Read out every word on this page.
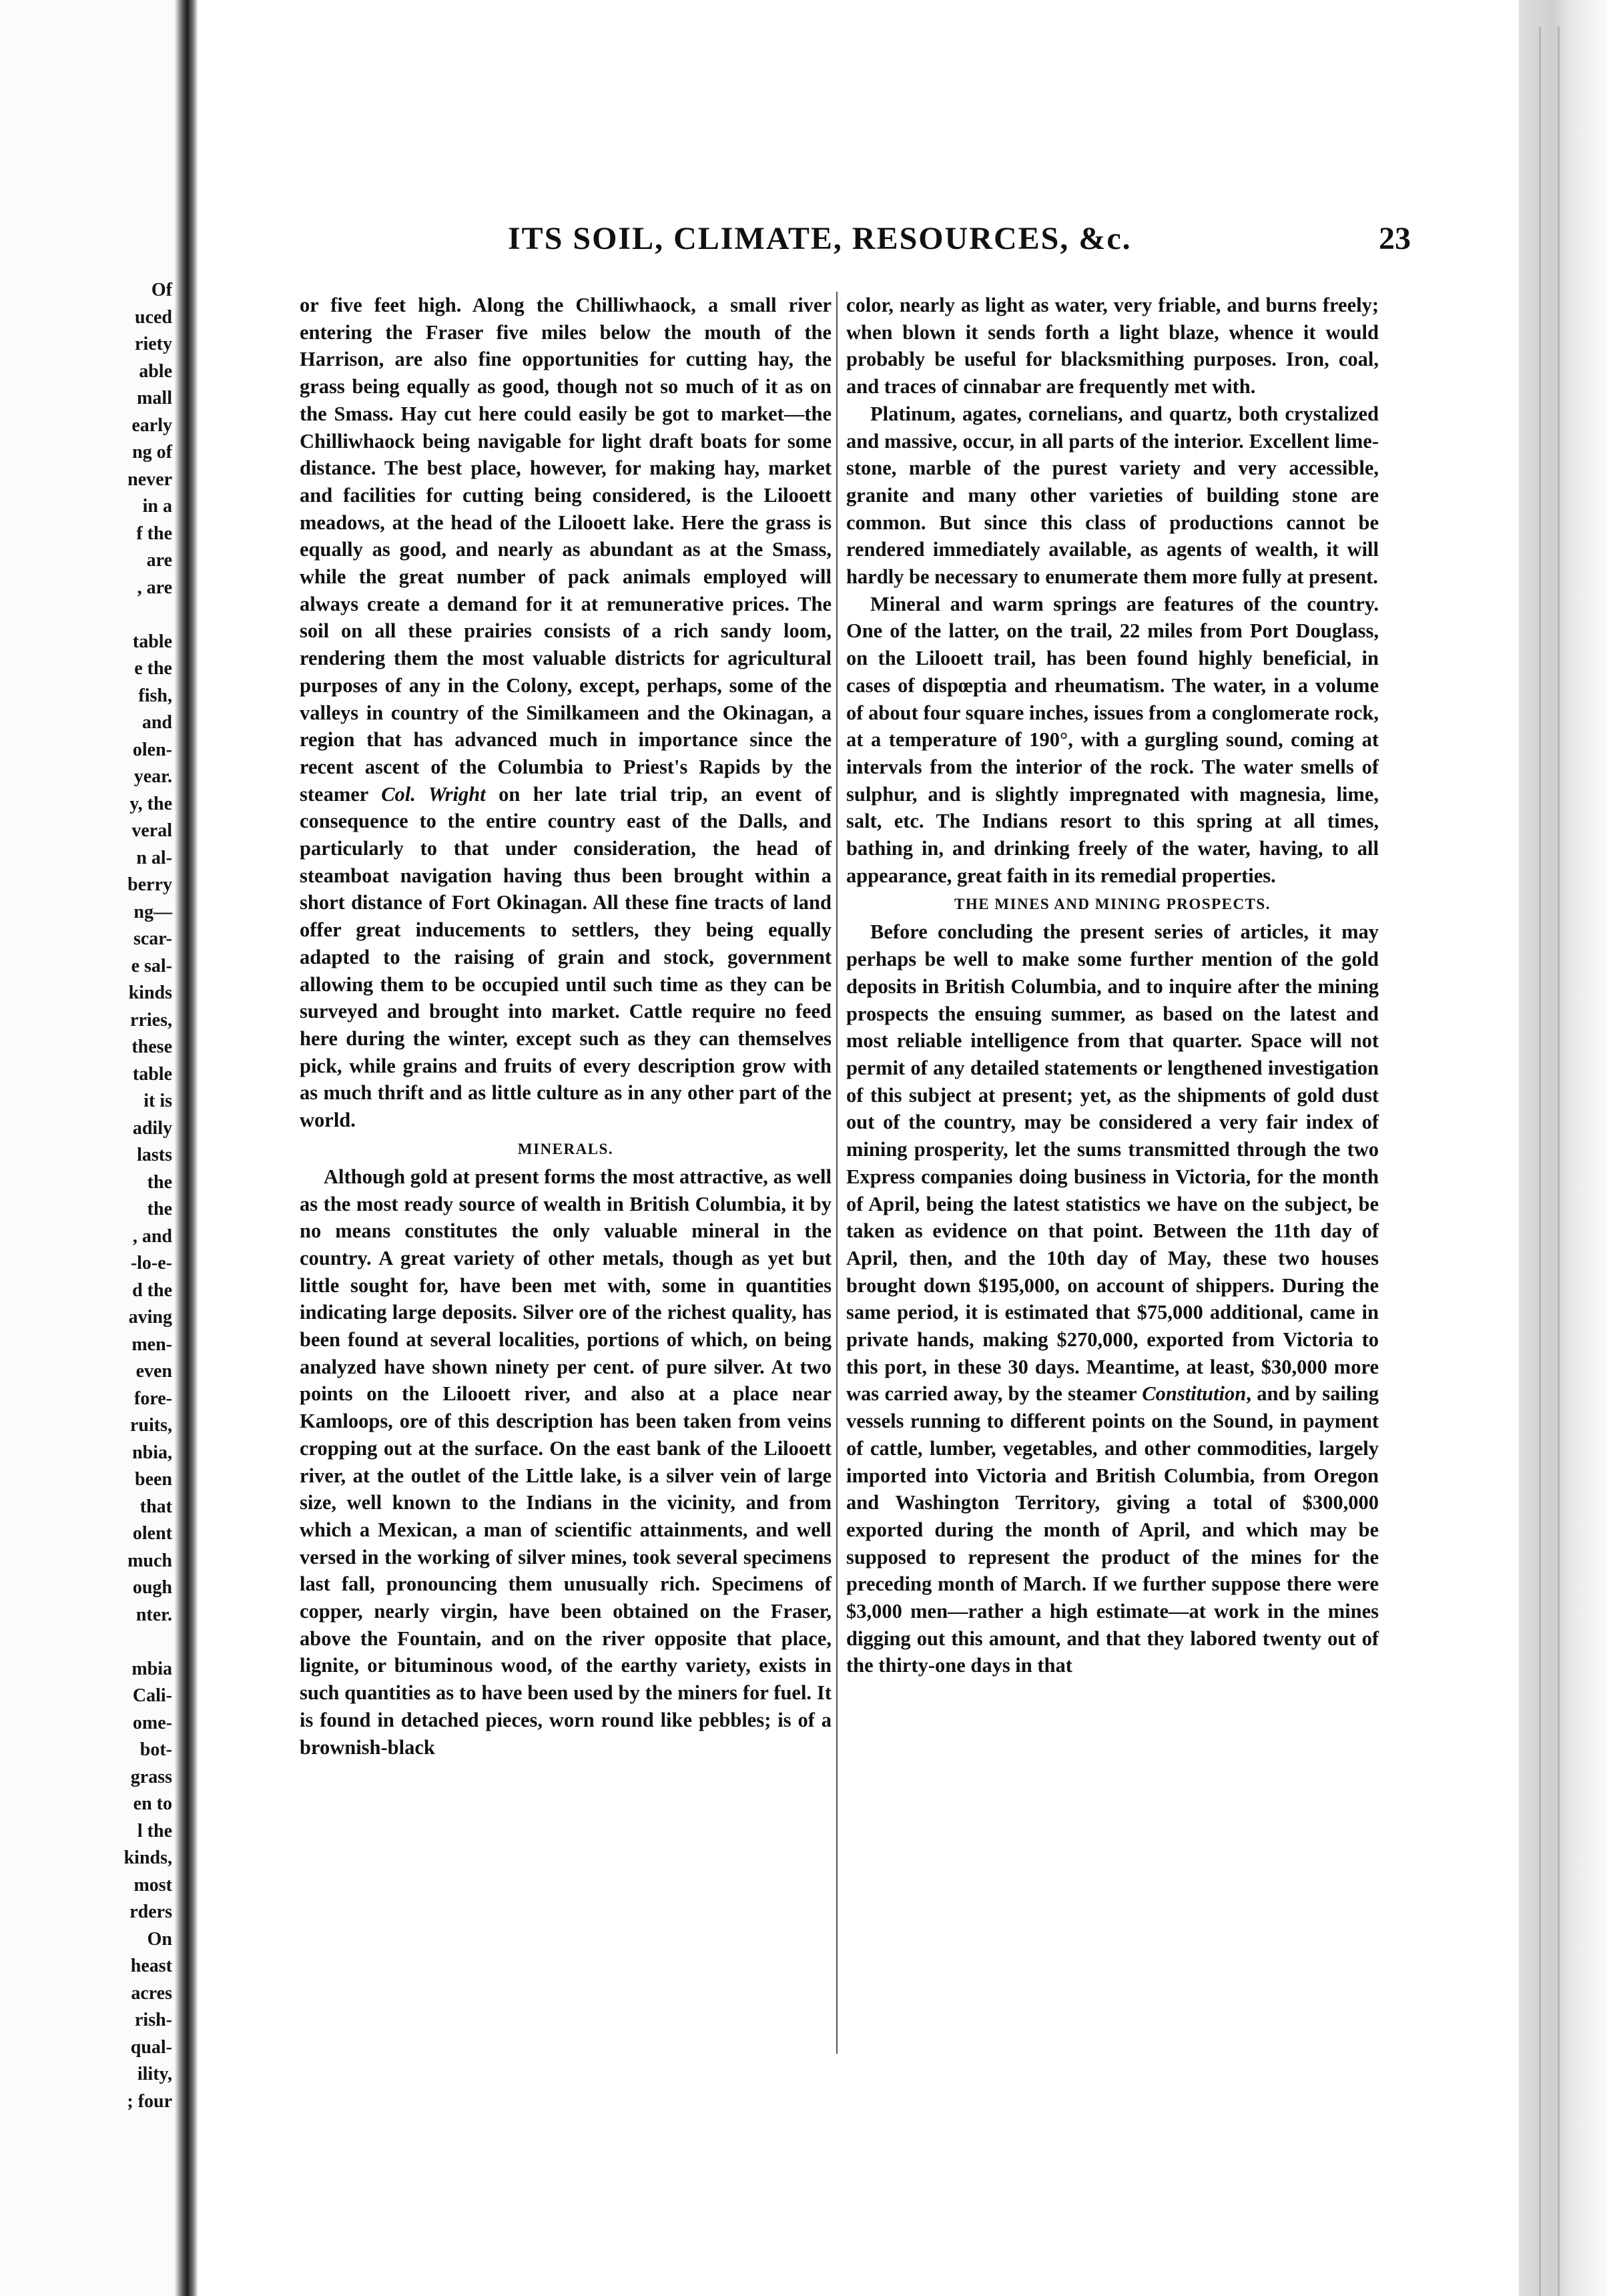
Of
uced
riety
able
mall
early
ng of
never
in a
f the
are
, are

table
e the
fish,
and
olen-
year.
y, the
veral
n al-
berry
ng—
scar-
e sal-
kinds
rries,
these
table
it is
adily
lasts
the
the
, and
-lo-e-
d the
aving
men-
even
fore-
ruits,
nbia,
been
that
olent
much
ough
nter.

mbia
Cali-
ome-
bot-
grass
en to
l the
kinds,
most
rders
On
heast
acres
rish-
qual-
ility,
; four
ITS SOIL, CLIMATE, RESOURCES, &c.	23

or five feet high. Along the Chilliwhaock, a small river entering the Fraser five miles below the mouth of the Harrison, are also fine opportunities for cutting hay, the grass being equally as good, though not so much of it as on the Smass. Hay cut here could easily be got to market—the Chilliwhaock being navigable for light draft boats for some distance. The best place, however, for making hay, market and facilities for cutting being considered, is the Lilooett meadows, at the head of the Lilooett lake. Here the grass is equally as good, and nearly as abundant as at the Smass, while the great number of pack animals employed will always create a demand for it at remunerative prices. The soil on all these prairies consists of a rich sandy loom, rendering them the most valuable districts for agricultural purposes of any in the Colony, except, perhaps, some of the valleys in country of the Similkameen and the Okinagan, a region that has advanced much in importance since the recent ascent of the Columbia to Priest's Rapids by the steamer Col. Wright on her late trial trip, an event of consequence to the entire country east of the Dalls, and particularly to that under consideration, the head of steamboat navigation having thus been brought within a short distance of Fort Okinagan. All these fine tracts of land offer great inducements to settlers, they being equally adapted to the raising of grain and stock, government allowing them to be occupied until such time as they can be surveyed and brought into market. Cattle require no feed here during the winter, except such as they can themselves pick, while grains and fruits of every description grow with as much thrift and as little culture as in any other part of the world.

MINERALS.

Although gold at present forms the most attractive, as well as the most ready source of wealth in British Columbia, it by no means constitutes the only valuable mineral in the country. A great variety of other metals, though as yet but little sought for, have been met with, some in quantities indicating large deposits. Silver ore of the richest quality, has been found at several localities, portions of which, on being analyzed have shown ninety per cent. of pure silver. At two points on the Lilooett river, and also at a place near Kamloops, ore of this description has been taken from veins cropping out at the surface. On the east bank of the Lilooett river, at the outlet of the Little lake, is a silver vein of large size, well known to the Indians in the vicinity, and from which a Mexican, a man of scientific attainments, and well versed in the working of silver mines, took several specimens last fall, pronouncing them unusually rich. Specimens of copper, nearly virgin, have been obtained on the Fraser, above the Fountain, and on the river opposite that place, lignite, or bituminous wood, of the earthy variety, exists in such quantities as to have been used by the miners for fuel. It is found in detached pieces, worn round like pebbles; is of a brownish-black

color, nearly as light as water, very friable, and burns freely; when blown it sends forth a light blaze, whence it would probably be useful for blacksmithing purposes. Iron, coal, and traces of cinnabar are frequently met with.

Platinum, agates, cornelians, and quartz, both crystalized and massive, occur, in all parts of the interior. Excellent lime-stone, marble of the purest variety and very accessible, granite and many other varieties of building stone are common. But since this class of productions cannot be rendered immediately available, as agents of wealth, it will hardly be necessary to enumerate them more fully at present.

Mineral and warm springs are features of the country. One of the latter, on the trail, 22 miles from Port Douglass, on the Lilooett trail, has been found highly beneficial, in cases of dispœptia and rheumatism. The water, in a volume of about four square inches, issues from a conglomerate rock, at a temperature of 190°, with a gurgling sound, coming at intervals from the interior of the rock. The water smells of sulphur, and is slightly impregnated with magnesia, lime, salt, etc. The Indians resort to this spring at all times, bathing in, and drinking freely of the water, having, to all appearance, great faith in its remedial properties.

THE MINES AND MINING PROSPECTS.

Before concluding the present series of articles, it may perhaps be well to make some further mention of the gold deposits in British Columbia, and to inquire after the mining prospects the ensuing summer, as based on the latest and most reliable intelligence from that quarter. Space will not permit of any detailed statements or lengthened investigation of this subject at present; yet, as the shipments of gold dust out of the country, may be considered a very fair index of mining prosperity, let the sums transmitted through the two Express companies doing business in Victoria, for the month of April, being the latest statistics we have on the subject, be taken as evidence on that point. Between the 11th day of April, then, and the 10th day of May, these two houses brought down $195,000, on account of shippers. During the same period, it is estimated that $75,000 additional, came in private hands, making $270,000, exported from Victoria to this port, in these 30 days. Meantime, at least, $30,000 more was carried away, by the steamer Constitution, and by sailing vessels running to different points on the Sound, in payment of cattle, lumber, vegetables, and other commodities, largely imported into Victoria and British Columbia, from Oregon and Washington Territory, giving a total of $300,000 exported during the month of April, and which may be supposed to represent the product of the mines for the preceding month of March. If we further suppose there were $3,000 men—rather a high estimate—at work in the mines digging out this amount, and that they labored twenty out of the thirty-one days in that
